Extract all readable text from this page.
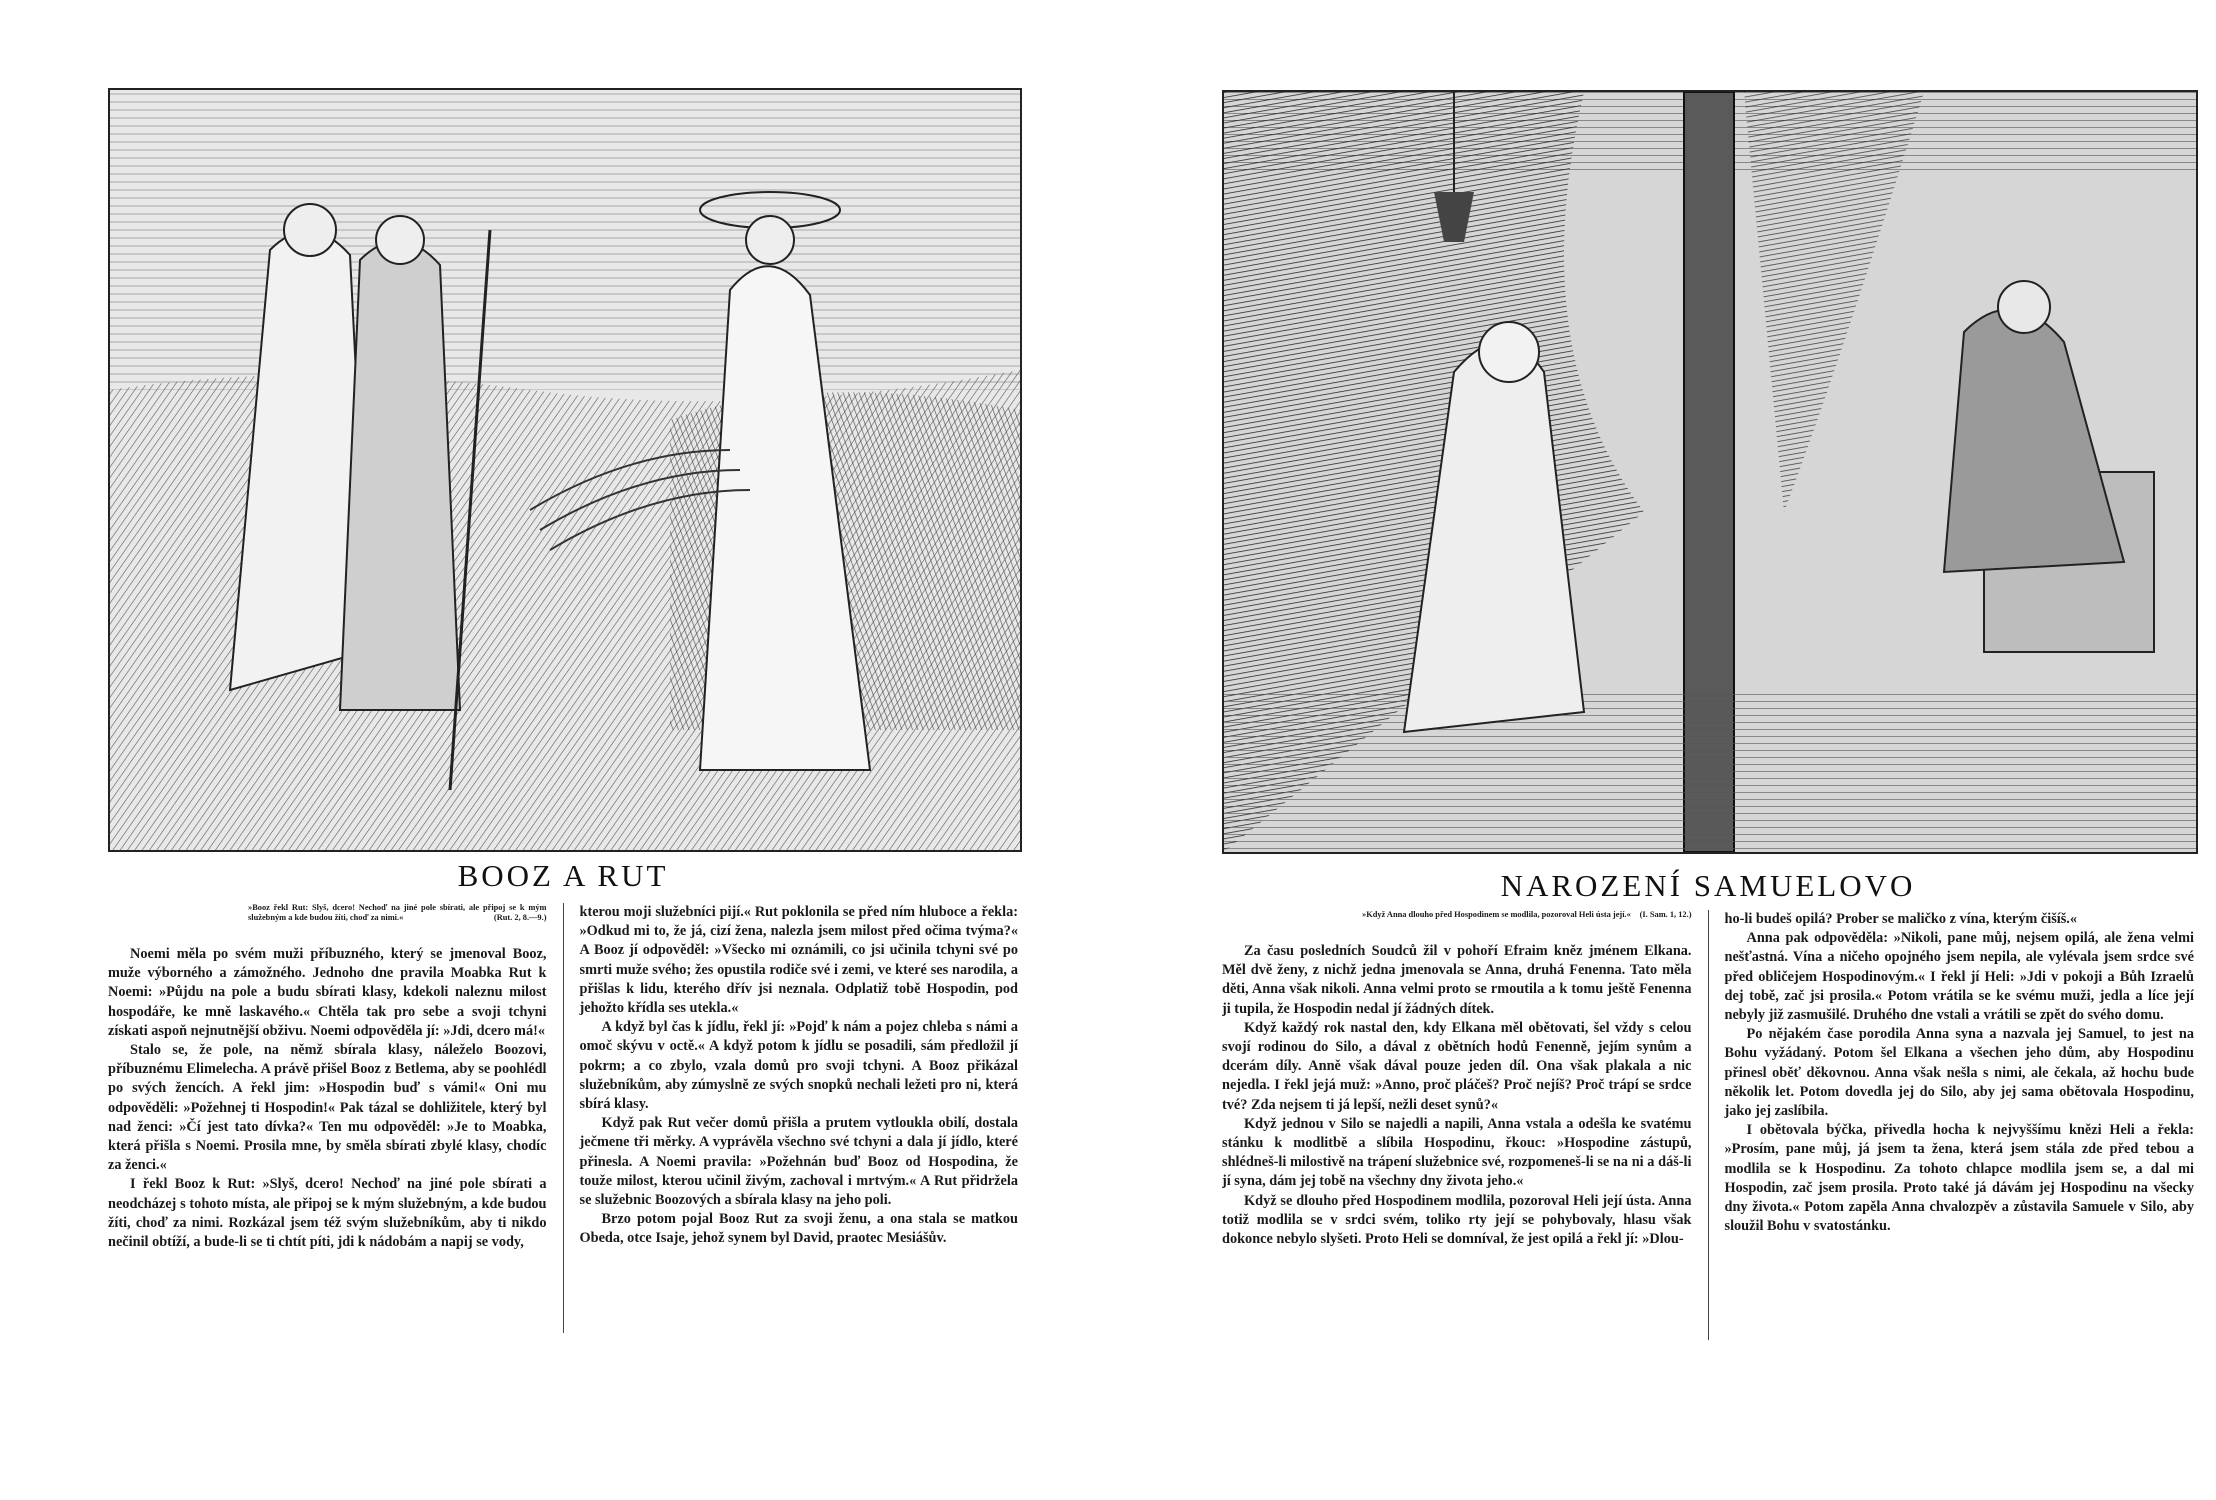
BOOZ A RUT
»Booz řekl Rut: Slyš, dcero! Nechoď na jiné pole sbírati, ale připoj se k mým služebným a kde budou žíti, choď za nimi.«	(Rut. 2, 8.—9.)

Noemi měla po svém muži příbuzného, který se jmenoval Booz, muže výborného a zámožného. Jednoho dne pravila Moabka Rut k Noemi: »Půjdu na pole a budu sbírati klasy, kdekoli naleznu milost hospodáře, ke mně laskavého.« Chtěla tak pro sebe a svoji tchyni získati aspoň nejnutnější obživu. Noemi odpověděla jí: »Jdi, dcero má!«

Stalo se, že pole, na němž sbírala klasy, náleželo Boozovi, příbuznému Elimelecha. A právě přišel Booz z Betlema, aby se poohlédl po svých žencích. A řekl jim: »Hospodin buď s vámi!« Oni mu odpověděli: »Požehnej ti Hospodin!« Pak tázal se dohližitele, který byl nad ženci: »Čí jest tato dívka?« Ten mu odpověděl: »Je to Moabka, která přišla s Noemi. Prosila mne, by směla sbírati zbylé klasy, chodíc za ženci.«

I řekl Booz k Rut: »Slyš, dcero! Nechoď na jiné pole sbírati a neodcházej s tohoto místa, ale připoj se k mým služebným, a kde budou žíti, choď za nimi. Rozkázal jsem též svým služebníkům, aby ti nikdo nečinil obtíží, a bude-li se ti chtít píti, jdi k nádobám a napij se vody,

kterou moji služebníci pijí.« Rut poklonila se před ním hluboce a řekla: »Odkud mi to, že já, cizí žena, nalezla jsem milost před očima tvýma?« A Booz jí odpověděl: »Všecko mi oznámili, co jsi učinila tchyni své po smrti muže svého; žes opustila rodiče své i zemi, ve které ses narodila, a přišlas k lidu, kterého dřív jsi neznala. Odplatiž tobě Hospodin, pod jehožto křídla ses utekla.«

A když byl čas k jídlu, řekl jí: »Pojď k nám a pojez chleba s námi a omoč skývu v octě.« A když potom k jídlu se posadili, sám předložil jí pokrm; a co zbylo, vzala domů pro svoji tchyni. A Booz přikázal služebníkům, aby zúmyslně ze svých snopků nechali ležeti pro ni, která sbírá klasy.

Když pak Rut večer domů přišla a prutem vytloukla obilí, dostala ječmene tři měrky. A vyprávěla všechno své tchyni a dala jí jídlo, které přinesla. A Noemi pravila: »Požehnán buď Booz od Hospodina, že touže milost, kterou učinil živým, zachoval i mrtvým.« A Rut přidržela se služebnic Boozových a sbírala klasy na jeho poli.

Brzo potom pojal Booz Rut za svoji ženu, a ona stala se matkou Obeda, otce Isaje, jehož synem byl David, praotec Mesiášův.

NAROZENÍ SAMUELOVO
»Když Anna dlouho před Hospodinem se modlila, pozoroval Heli ústa její.« (I. Sam. 1, 12.)

Za času posledních Soudců žil v pohoří Efraim kněz jménem Elkana. Měl dvě ženy, z nichž jedna jmenovala se Anna, druhá Fenenna. Tato měla děti, Anna však nikoli. Anna velmi proto se rmoutila a k tomu ještě Fenenna ji tupila, že Hospodin nedal jí žádných dítek.

Když každý rok nastal den, kdy Elkana měl obětovati, šel vždy s celou svojí rodinou do Silo, a dával z obětních hodů Fenenně, jejím synům a dcerám díly. Anně však dával pouze jeden díl. Ona však plakala a nic nejedla. I řekl jejá muž: »Anno, proč pláčeš? Proč nejíš? Proč trápí se srdce tvé? Zda nejsem ti já lepší, nežli deset synů?«

Když jednou v Silo se najedli a napili, Anna vstala a odešla ke svatému stánku k modlitbě a slíbila Hospodinu, řkouc: »Hospodine zástupů, shlédneš-li milostivě na trápení služebnice své, rozpomeneš-li se na ni a dáš-li jí syna, dám jej tobě na všechny dny života jeho.«

Když se dlouho před Hospodinem modlila, pozoroval Heli její ústa. Anna totiž modlila se v srdci svém, toliko rty její se pohybovaly, hlasu však dokonce nebylo slyšeti. Proto Heli se domníval, že jest opilá a řekl jí: »Dlou-

ho-li budeš opilá? Prober se maličko z vína, kterým čišíš.«

Anna pak odpověděla: »Nikoli, pane můj, nejsem opilá, ale žena velmi nešťastná. Vína a ničeho opojného jsem nepila, ale vylévala jsem srdce své před obličejem Hospodinovým.« I řekl jí Heli: »Jdi v pokoji a Bůh Izraelů dej tobě, zač jsi prosila.« Potom vrátila se ke svému muži, jedla a líce její nebyly již zasmušilé. Druhého dne vstali a vrátili se zpět do svého domu.

Po nějakém čase porodila Anna syna a nazvala jej Samuel, to jest na Bohu vyžádaný. Potom šel Elkana a všechen jeho dům, aby Hospodinu přinesl oběť děkovnou. Anna však nešla s nimi, ale čekala, až hochu bude několik let. Potom dovedla jej do Silo, aby jej sama obětovala Hospodinu, jako jej zaslíbila.

I obětovala býčka, přivedla hocha k nejvyššímu knězi Heli a řekla: »Prosím, pane můj, já jsem ta žena, která jsem stála zde před tebou a modlila se k Hospodinu. Za tohoto chlapce modlila jsem se, a dal mi Hospodin, zač jsem prosila. Proto také já dávám jej Hospodinu na všecky dny života.« Potom zapěla Anna chvalozpěv a zůstavila Samuele v Silo, aby sloužil Bohu v svatostánku.
